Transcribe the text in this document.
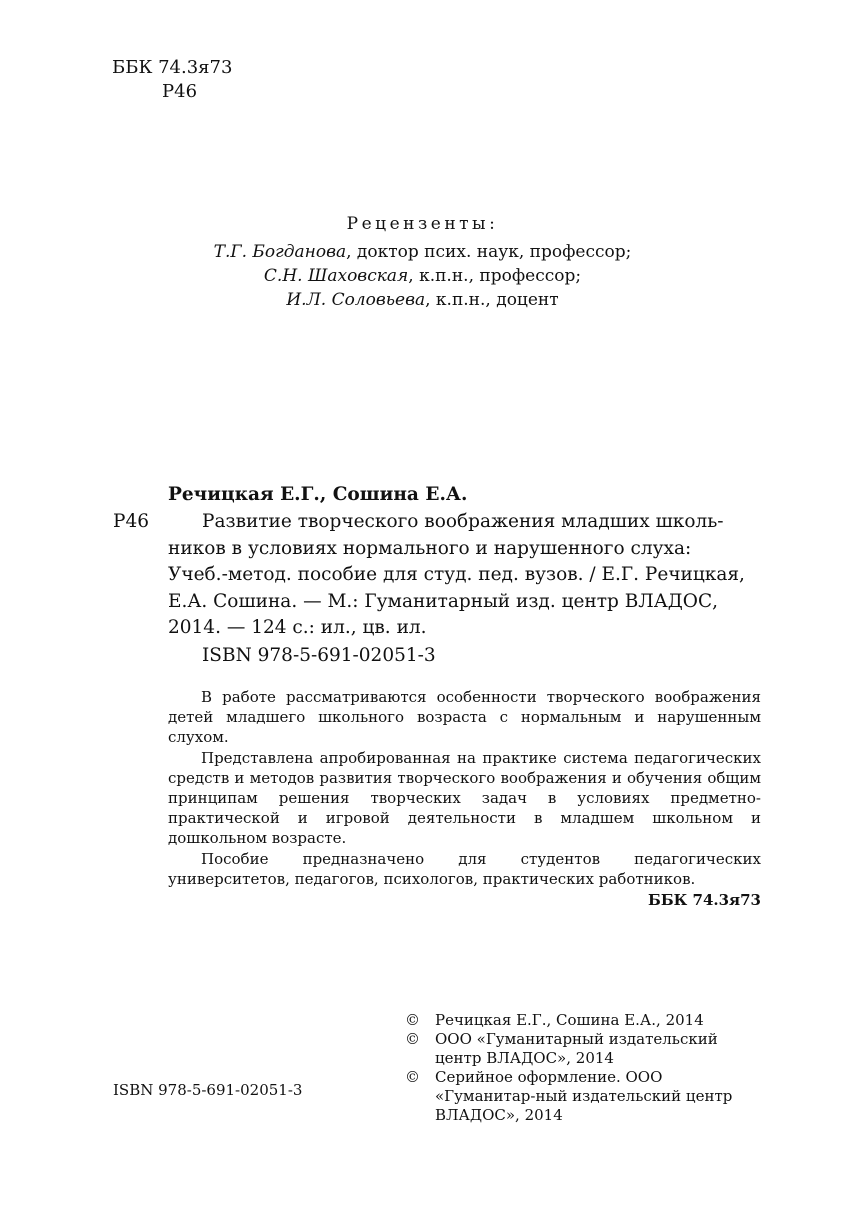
ББК 74.3я73
Р46
Рецензенты:
Т.Г. Богданова, доктор псих. наук, профессор;
С.Н. Шаховская, к.п.н., профессор;
И.Л. Соловьева, к.п.н., доцент
Речицкая Е.Г., Сошина Е.А.
Р46	Развитие творческого воображения младших школь-
ников в условиях нормального и нарушенного слуха:
Учеб.-метод. пособие для студ. пед. вузов. / Е.Г. Речицкая,
Е.А. Сошина. — М.: Гуманитарный изд. центр ВЛАДОС,
2014. — 124 с.: ил., цв. ил.
ISBN 978-5-691-02051-3

В работе рассматриваются особенности творческого воображения детей младшего школьного возраста с нормальным и нарушенным слухом.

Представлена апробированная на практике система педагогических средств и методов развития творческого воображения и обучения общим принципам решения творческих задач в условиях предметно-практической и игровой деятельности в младшем школьном и дошкольном возрасте.

Пособие предназначено для студентов педагогических университетов, педагогов, психологов, практических работников.

ББК 74.3я73

ISBN 978-5-691-02051-3
©	Речицкая Е.Г., Сошина Е.А., 2014
©	ООО «Гуманитарный издательский центр ВЛАДОС», 2014
©	Серийное оформление. ООО «Гуманитар-ный издательский центр ВЛАДОС», 2014
